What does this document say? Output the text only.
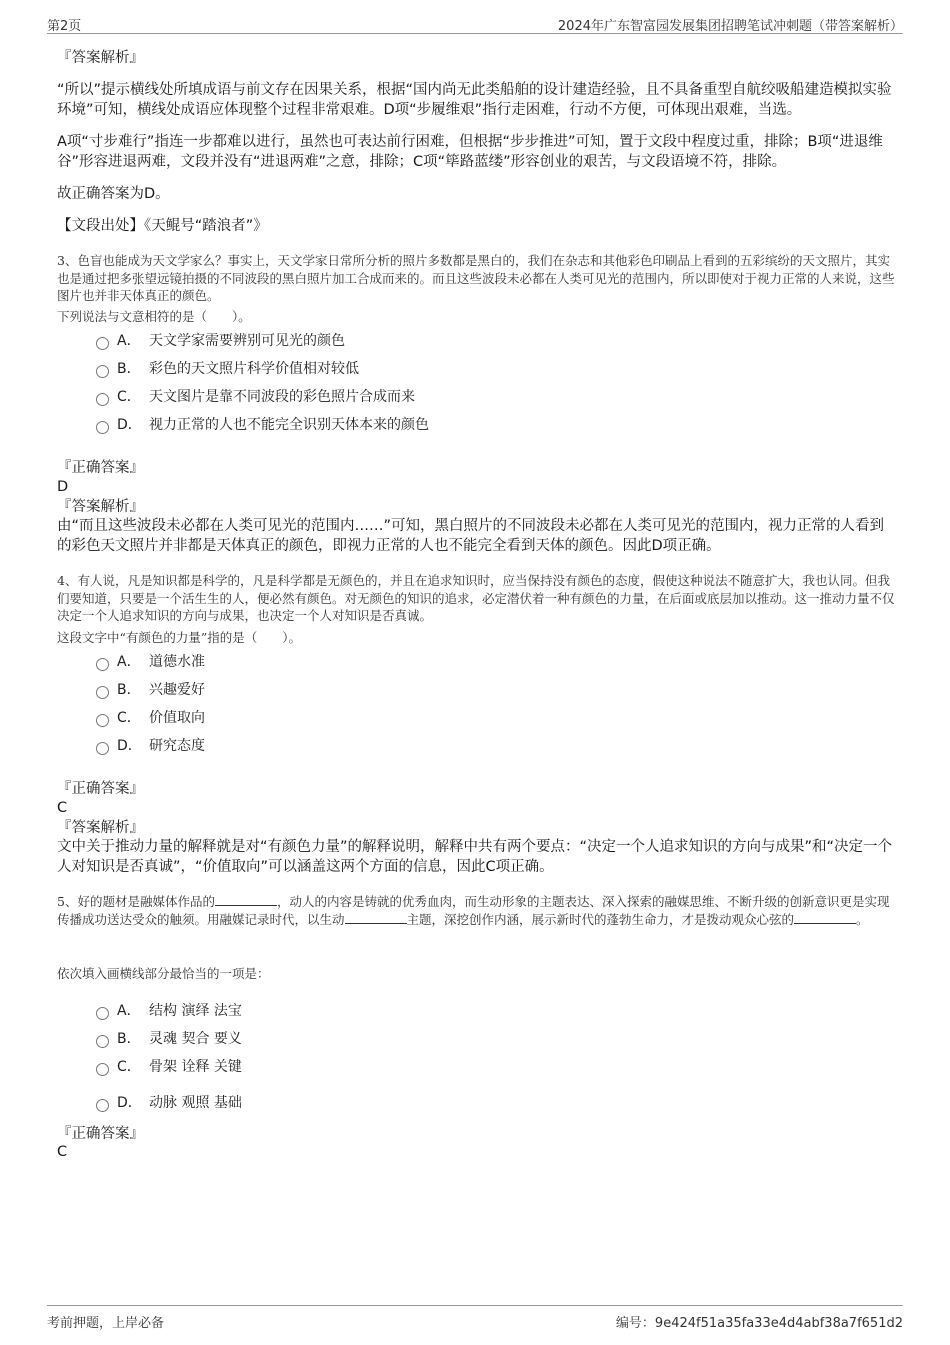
第2页	2024年广东智富园发展集团招聘笔试冲刺题（带答案解析）
『答案解析』
“所以”提示横线处所填成语与前文存在因果关系，根据“国内尚无此类船舶的设计建造经验，且不具备重型自航绞吸船建造模拟实验环境”可知，横线处成语应体现整个过程非常艰难。D项“步履维艰”指行走困难，行动不方便，可体现出艰难，当选。
A项“寸步难行”指连一步都难以进行，虽然也可表达前行困难，但根据“步步推进”可知，置于文段中程度过重，排除；B项“进退维谷”形容进退两难，文段并没有“进退两难”之意，排除；C项“筚路蓝缕”形容创业的艰苦，与文段语境不符，排除。
故正确答案为D。
【文段出处】《天鲲号“踏浪者”》
3、色盲也能成为天文学家么？事实上，天文学家日常所分析的照片多数都是黑白的，我们在杂志和其他彩色印刷品上看到的五彩缤纷的天文照片，其实也是通过把多张望远镜拍摄的不同波段的黑白照片加工合成而来的。而且这些波段未必都在人类可见光的范围内，所以即使对于视力正常的人来说，这些图片也并非天体真正的颜色。
下列说法与文意相符的是（　　）。
A． 天文学家需要辨别可见光的颜色
B． 彩色的天文照片科学价值相对较低
C． 天文图片是靠不同波段的彩色照片合成而来
D． 视力正常的人也不能完全识别天体本来的颜色
『正确答案』
D
『答案解析』
由“而且这些波段未必都在人类可见光的范围内……”可知，黑白照片的不同波段未必都在人类可见光的范围内，视力正常的人看到的彩色天文照片并非都是天体真正的颜色，即视力正常的人也不能完全看到天体的颜色。因此D项正确。
4、有人说，凡是知识都是科学的，凡是科学都是无颜色的，并且在追求知识时，应当保持没有颜色的态度，假使这种说法不随意扩大，我也认同。但我们要知道，只要是一个活生生的人，便必然有颜色。对无颜色的知识的追求，必定潜伏着一种有颜色的力量，在后面或底层加以推动。这一推动力量不仅决定一个人追求知识的方向与成果，也决定一个人对知识是否真诚。
这段文字中“有颜色的力量”指的是（　　）。
A． 道德水准
B． 兴趣爱好
C． 价值取向
D． 研究态度
『正确答案』
C
『答案解析』
文中关于推动力量的解释就是对“有颜色力量”的解释说明，解释中共有两个要点：“决定一个人追求知识的方向与成果”和“决定一个人对知识是否真诚”，“价值取向”可以涵盖这两个方面的信息，因此C项正确。
5、好的题材是融媒体作品的	，动人的内容是铸就的优秀血肉，而生动形象的主题表达、深入探索的融媒思维、不断升级的创新意识更是实现传播成功送达受众的触须。用融媒记录时代，以生动	主题，深挖创作内涵，展示新时代的蓬勃生命力，才是拨动观众心弦的	。
依次填入画横线部分最恰当的一项是：
A． 结构 演绎 法宝
B． 灵魂 契合 要义
C． 骨架 诠释 关键
D． 动脉 观照 基础
『正确答案』
C
考前押题，上岸必备	编号：9e424f51a35fa33e4d4abf38a7f651d2
